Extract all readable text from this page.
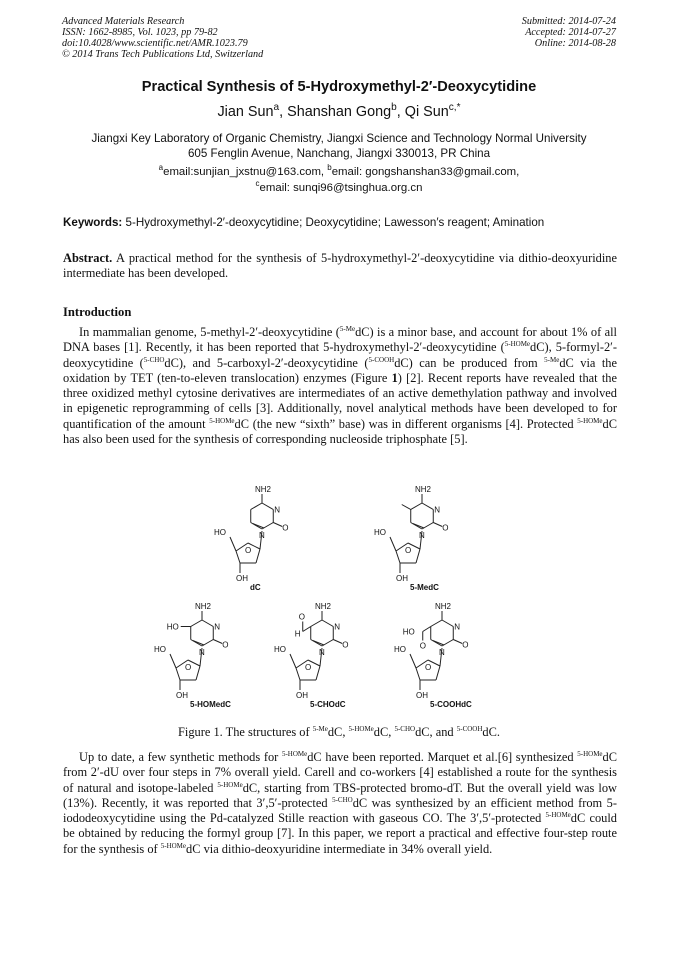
Advanced Materials Research
ISSN: 1662-8985, Vol. 1023, pp 79-82
doi:10.4028/www.scientific.net/AMR.1023.79
© 2014 Trans Tech Publications Ltd, Switzerland
Submitted: 2014-07-24
Accepted: 2014-07-27
Online: 2014-08-28
Practical Synthesis of 5-Hydroxymethyl-2′-Deoxycytidine
Jian Sun$^a$, Shanshan Gong$^b$, Qi Sun$^{c,*}$
Jiangxi Key Laboratory of Organic Chemistry, Jiangxi Science and Technology Normal University
605 Fenglin Avenue, Nanchang, Jiangxi 330013, PR China
$^a$email:sunjian_jxstnu@163.com, $^b$email: gongshanshan33@gmail.com,
$^c$email: sunqi96@tsinghua.org.cn
Keywords: 5-Hydroxymethyl-2′-deoxycytidine; Deoxycytidine; Lawesson′s reagent; Amination
Abstract. A practical method for the synthesis of 5-hydroxymethyl-2′-deoxycytidine via dithio-deoxyuridine intermediate has been developed.
Introduction
In mammalian genome, 5-methyl-2′-deoxycytidine ($^{5-Me}$dC) is a minor base, and account for about 1% of all DNA bases [1]. Recently, it has been reported that 5-hydroxymethyl-2′-deoxycytidine ($^{5-HOMe}$dC), 5-formyl-2′-deoxycytidine ($^{5-CHO}$dC), and 5-carboxyl-2′-deoxycytidine ($^{5-COOH}$dC) can be produced from $^{5-Me}$dC via the oxidation by TET (ten-to-eleven translocation) enzymes (Figure 1) [2]. Recent reports have revealed that the three oxidized methyl cytosine derivatives are intermediates of an active demethylation pathway and involved in epigenetic reprogramming of cells [3]. Additionally, novel analytical methods have been developed to for quantification of the amount $^{5-HOMe}$dC (the new “sixth” base) was in different organisms [4]. Protected $^{5-HOMe}$dC has also been used for the synthesis of corresponding nucleoside triphosphate [5].
NH2
N
O
N
O
HO
OH
dC
NH2
N
O
N
O
HO
OH
5-MedC
NH2
N
O
N
HO
O
HO
OH
5-HOMedC
NH2
N
O
N
O
H
O
HO
OH
5-CHOdC
NH2
N
O
N
HO
O
O
HO
OH
5-COOHdC
Figure 1. The structures of $^{5-Me}$dC, $^{5-HOMe}$dC, $^{5-CHO}$dC, and $^{5-COOH}$dC.
Up to date, a few synthetic methods for $^{5-HOMe}$dC have been reported. Marquet et al.[6] synthesized $^{5-HOMe}$dC from 2′-dU over four steps in 7% overall yield. Carell and co-workers [4] established a route for the synthesis of natural and isotope-labeled $^{5-HOMe}$dC, starting from TBS-protected bromo-dT. But the overall yield was low (13%). Recently, it was reported that 3′,5′-protected $^{5-CHO}$dC was synthesized by an efficient method from 5-iododeoxycytidine using the Pd-catalyzed Stille reaction with gaseous CO. The 3′,5′-protected $^{5-HOMe}$dC could be obtained by reducing the formyl group [7]. In this paper, we report a practical and effective four-step route for the synthesis of $^{5-HOMe}$dC via dithio-deoxyuridine intermediate in 34% overall yield.
